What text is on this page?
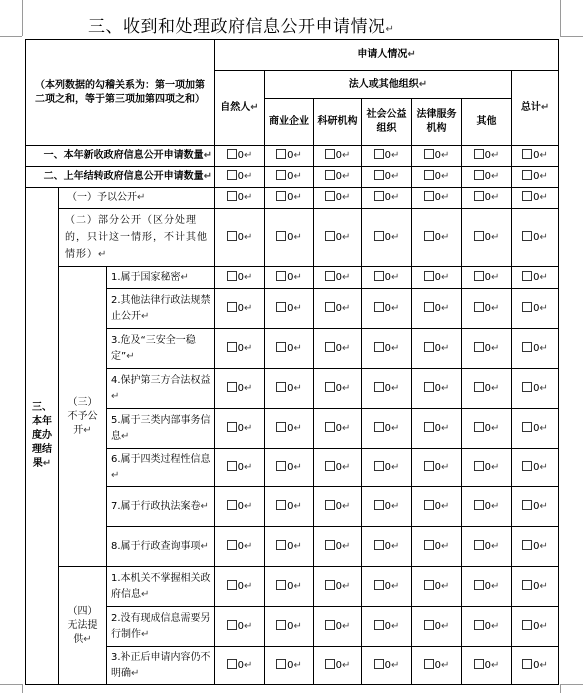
三、收到和处理政府信息公开申请情况↵
（本列数据的勾稽关系为：第一项加第二项之和，等于第三项加第四项之和）			申请人情况↵						
			自然人↵	法人或其他组织↵					总计↵
				商业企业	科研机构	社会公益组织	法律服务机构	其他	
一、本年新收政府信息公开申请数量↵			0↵	0↵	0↵	0↵	0↵	0↵	0↵
二、上年结转政府信息公开申请数量↵			0↵	0↵	0↵	0↵	0↵	0↵	0↵
三、本年度办理结果↵	（一）予以公开↵		0↵	0↵	0↵	0↵	0↵	0↵	0↵
	（二）部分公开（区分处理的，只计这一情形，不计其他情形）↵		0↵	0↵	0↵	0↵	0↵	0↵	0↵
	（三）不予公开↵	1.属于国家秘密↵	0↵	0↵	0↵	0↵	0↵	0↵	0↵
		2.其他法律行政法规禁止公开↵	0↵	0↵	0↵	0↵	0↵	0↵	0↵
		3.危及“三安全一稳定”↵	0↵	0↵	0↵	0↵	0↵	0↵	0↵
		4.保护第三方合法权益↵	0↵	0↵	0↵	0↵	0↵	0↵	0↵
		5.属于三类内部事务信息↵	0↵	0↵	0↵	0↵	0↵	0↵	0↵
		6.属于四类过程性信息↵	0↵	0↵	0↵	0↵	0↵	0↵	0↵
		7.属于行政执法案卷↵	0↵	0↵	0↵	0↵	0↵	0↵	0↵
		8.属于行政查询事项↵	0↵	0↵	0↵	0↵	0↵	0↵	0↵
	（四）无法提供↵	1.本机关不掌握相关政府信息↵	0↵	0↵	0↵	0↵	0↵	0↵	0↵
		2.没有现成信息需要另行制作↵	0↵	0↵	0↵	0↵	0↵	0↵	0↵
		3.补正后申请内容仍不明确↵	0↵	0↵	0↵	0↵	0↵	0↵	0↵
